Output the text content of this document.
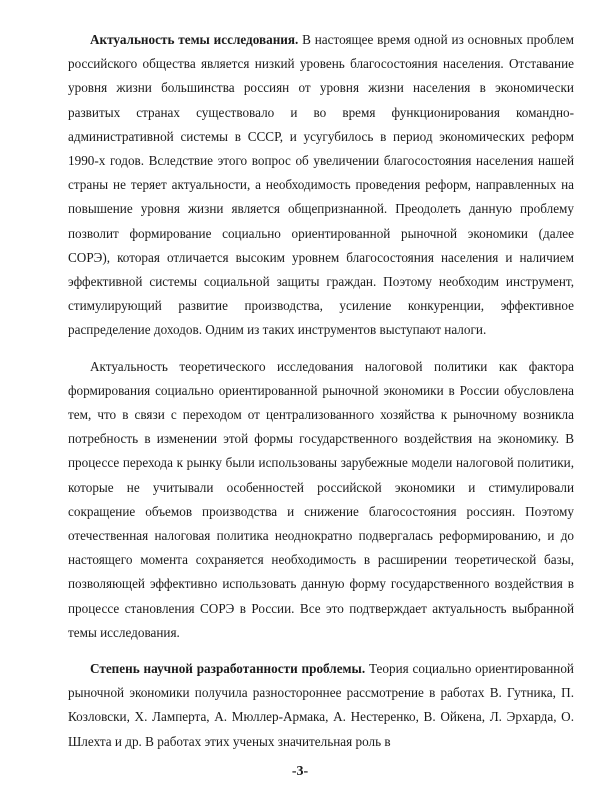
Актуальность темы исследования. В настоящее время одной из основных проблем российского общества является низкий уровень благосостояния населения. Отставание уровня жизни большинства россиян от уровня жизни населения в экономически развитых странах существовало и во время функционирования командно-административной системы в СССР, и усугубилось в период экономических реформ 1990-х годов. Вследствие этого вопрос об увеличении благосостояния населения нашей страны не теряет актуальности, а необходимость проведения реформ, направленных на повышение уровня жизни является общепризнанной. Преодолеть данную проблему позволит формирование социально ориентированной рыночной экономики (далее СОРЭ), которая отличается высоким уровнем благосостояния населения и наличием эффективной системы социальной защиты граждан. Поэтому необходим инструмент, стимулирующий развитие производства, усиление конкуренции, эффективное распределение доходов. Одним из таких инструментов выступают налоги.

Актуальность теоретического исследования налоговой политики как фактора формирования социально ориентированной рыночной экономики в России обусловлена тем, что в связи с переходом от централизованного хозяйства к рыночному возникла потребность в изменении этой формы государственного воздействия на экономику. В процессе перехода к рынку были использованы зарубежные модели налоговой политики, которые не учитывали особенностей российской экономики и стимулировали сокращение объемов производства и снижение благосостояния россиян. Поэтому отечественная налоговая политика неоднократно подвергалась реформированию, и до настоящего момента сохраняется необходимость в расширении теоретической базы, позволяющей эффективно использовать данную форму государственного воздействия в процессе становления СОРЭ в России. Все это подтверждает актуальность выбранной темы исследования.

Степень научной разработанности проблемы. Теория социально ориентированной рыночной экономики получила разностороннее рассмотрение в работах В. Гутника, П. Козловски, Х. Ламперта, А. Мюллер-Армака, А. Нестеренко, В. Ойкена, Л. Эрхарда, О. Шлехта и др. В работах этих ученых значительная роль в

-3-
